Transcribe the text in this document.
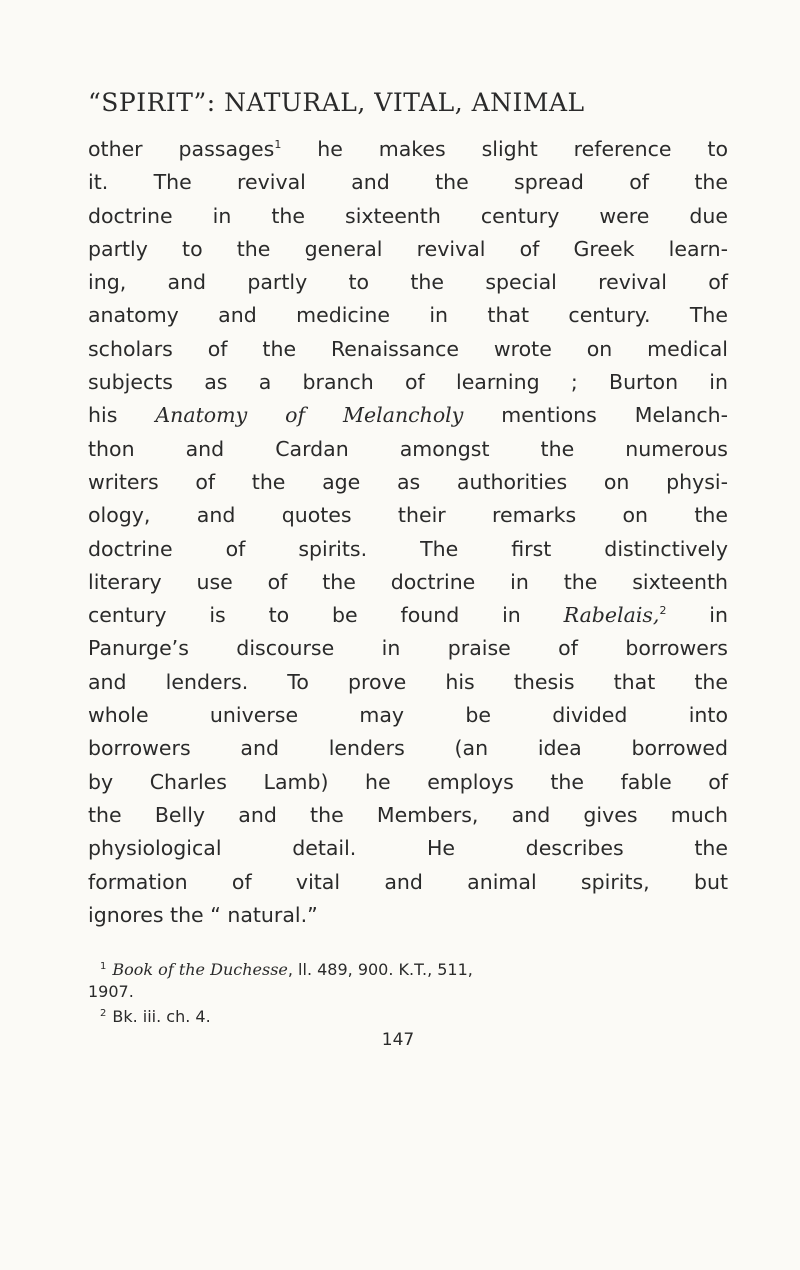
“SPIRIT”: NATURAL, VITAL, ANIMAL
other passages$^1$ he makes slight reference to
it. The revival and the spread of the
doctrine in the sixteenth century were due
partly to the general revival of Greek learn-
ing, and partly to the special revival of
anatomy and medicine in that century. The
scholars of the Renaissance wrote on medical
subjects as a branch of learning ; Burton in
his Anatomy of Melancholy mentions Melanch-
thon and Cardan amongst the numerous
writers of the age as authorities on physi-
ology, and quotes their remarks on the
doctrine of spirits. The first distinctively
literary use of the doctrine in the sixteenth
century is to be found in Rabelais,$^2$ in
Panurge’s discourse in praise of borrowers
and lenders. To prove his thesis that the
whole universe may be divided into
borrowers and lenders (an idea borrowed
by Charles Lamb) he employs the fable of
the Belly and the Members, and gives much
physiological detail. He describes the
formation of vital and animal spirits, but
ignores the “ natural.”
$^1$ Book of the Duchesse, ll. 489, 900. K.T., 511,
1907.
$^2$ Bk. iii. ch. 4.
147
